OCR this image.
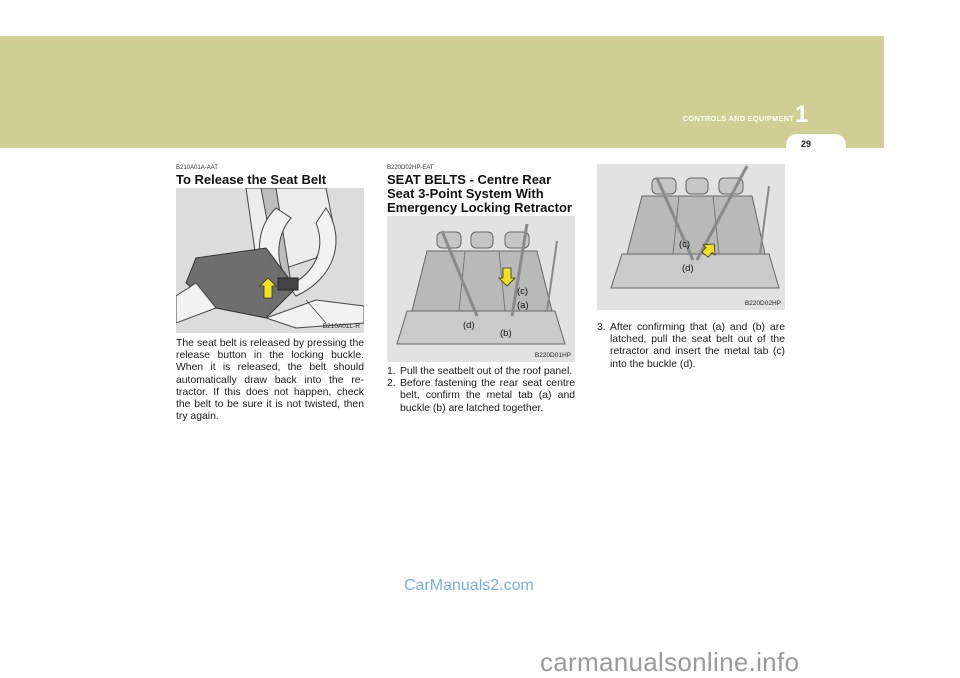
CONTROLS AND EQUIPMENT 1
29
B210A01A-AAT
To Release the Seat Belt
B210A01L-R
The seat belt is released by pressing the release button in the locking buckle. When it is released, the belt should automatically draw back into the re-tractor. If this does not happen, check the belt to be sure it is not twisted, then try again.
B220D02HP-EAT
SEAT BELTS - Centre Rear Seat 3-Point System With Emergency Locking Retractor
(c)
(a)
(d)
(b)
B220D01HP
1. Pull the seatbelt out of the roof panel.
2. Before fastening the rear seat centre belt, confirm the metal tab (a) and buckle (b) are latched together.
(c)
(d)
B220D02HP
3. After confirming that (a) and (b) are latched, pull the seat belt out of the retractor and insert the metal tab (c) into the buckle (d).
CarManuals2.com
carmanualsonline.info
